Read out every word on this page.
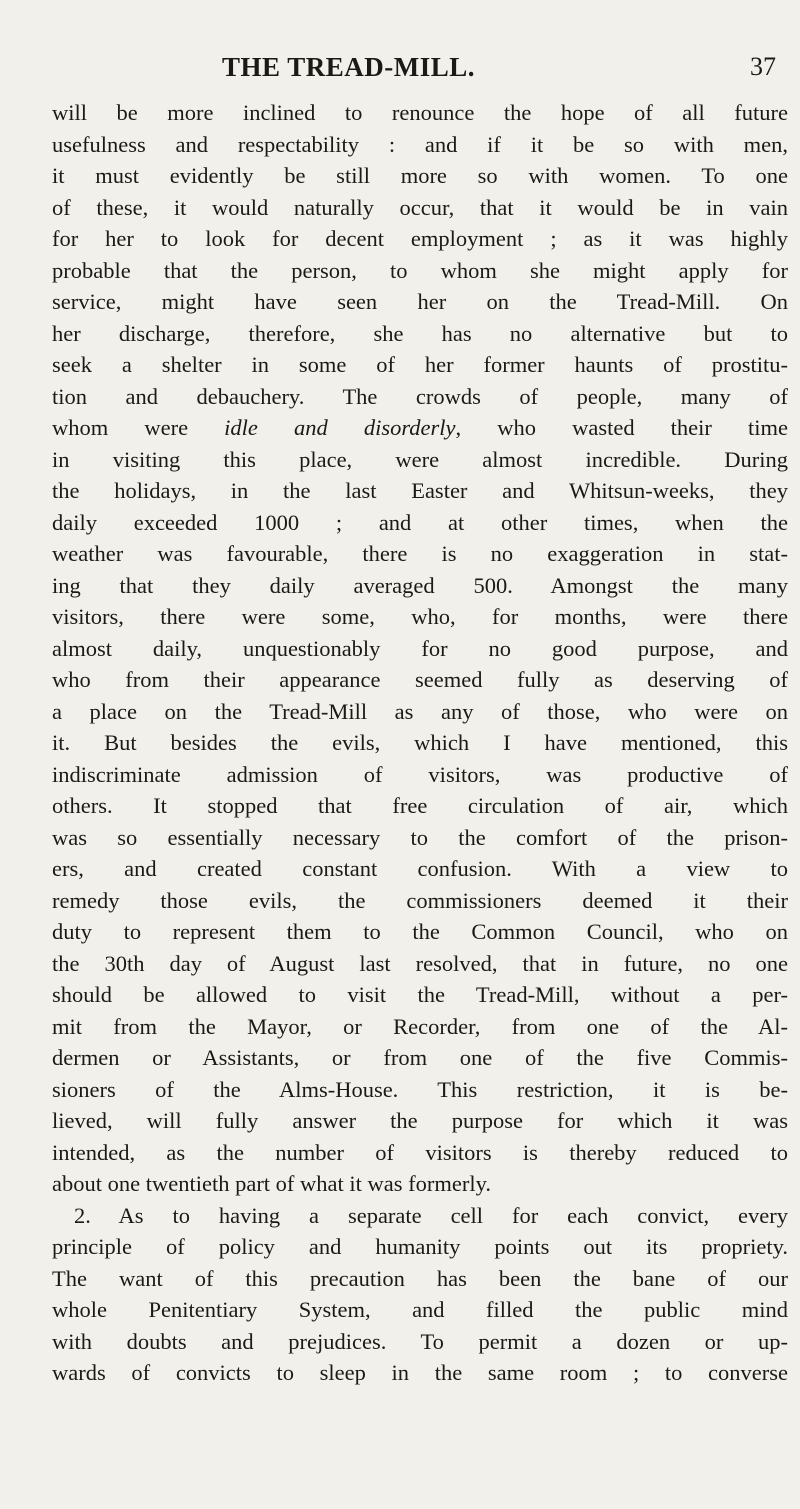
THE TREAD-MILL.	37
will be more inclined to renounce the hope of all future
usefulness and respectability : and if it be so with men,
it must evidently be still more so with women. To one
of these, it would naturally occur, that it would be in vain
for her to look for decent employment ; as it was highly
probable that the person, to whom she might apply for
service, might have seen her on the Tread-Mill. On
her discharge, therefore, she has no alternative but to
seek a shelter in some of her former haunts of prostitu-
tion and debauchery. The crowds of people, many of
whom were idle and disorderly, who wasted their time
in visiting this place, were almost incredible. During
the holidays, in the last Easter and Whitsun-weeks, they
daily exceeded 1000 ; and at other times, when the
weather was favourable, there is no exaggeration in stat-
ing that they daily averaged 500. Amongst the many
visitors, there were some, who, for months, were there
almost daily, unquestionably for no good purpose, and
who from their appearance seemed fully as deserving of
a place on the Tread-Mill as any of those, who were on
it. But besides the evils, which I have mentioned, this
indiscriminate admission of visitors, was productive of
others. It stopped that free circulation of air, which
was so essentially necessary to the comfort of the prison-
ers, and created constant confusion. With a view to
remedy those evils, the commissioners deemed it their
duty to represent them to the Common Council, who on
the 30th day of August last resolved, that in future, no one
should be allowed to visit the Tread-Mill, without a per-
mit from the Mayor, or Recorder, from one of the Al-
dermen or Assistants, or from one of the five Commis-
sioners of the Alms-House. This restriction, it is be-
lieved, will fully answer the purpose for which it was
intended, as the number of visitors is thereby reduced to
about one twentieth part of what it was formerly.
2. As to having a separate cell for each convict, every
principle of policy and humanity points out its propriety.
The want of this precaution has been the bane of our
whole Penitentiary System, and filled the public mind
with doubts and prejudices. To permit a dozen or up-
wards of convicts to sleep in the same room ; to converse
